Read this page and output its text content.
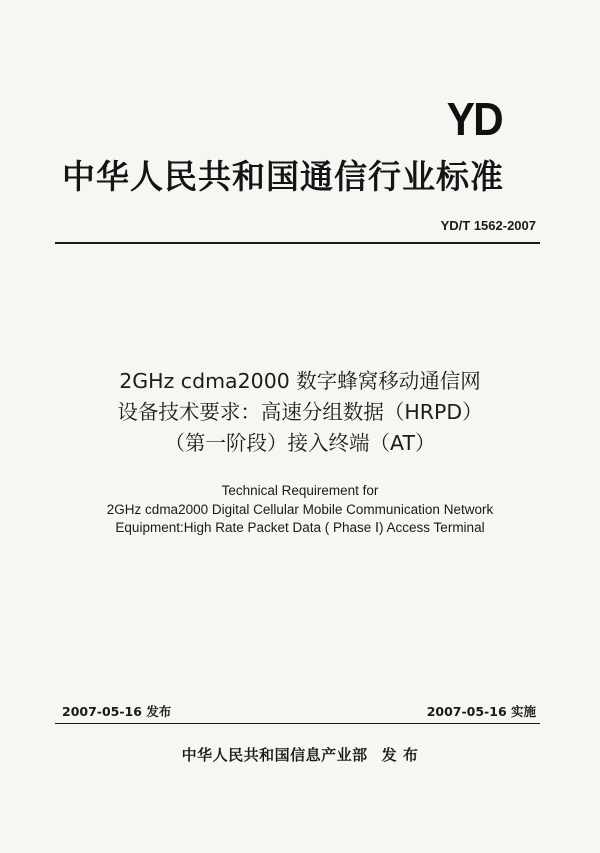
YD
中华人民共和国通信行业标准
YD/T 1562-2007
2GHz cdma2000 数字蜂窝移动通信网
设备技术要求：高速分组数据（HRPD）
（第一阶段）接入终端（AT）
Technical Requirement for
2GHz cdma2000 Digital Cellular Mobile Communication Network
Equipment:High Rate Packet Data ( Phase Ⅰ) Access Terminal
2007-05-16 发布	2007-05-16 实施
中华人民共和国信息产业部 发 布
